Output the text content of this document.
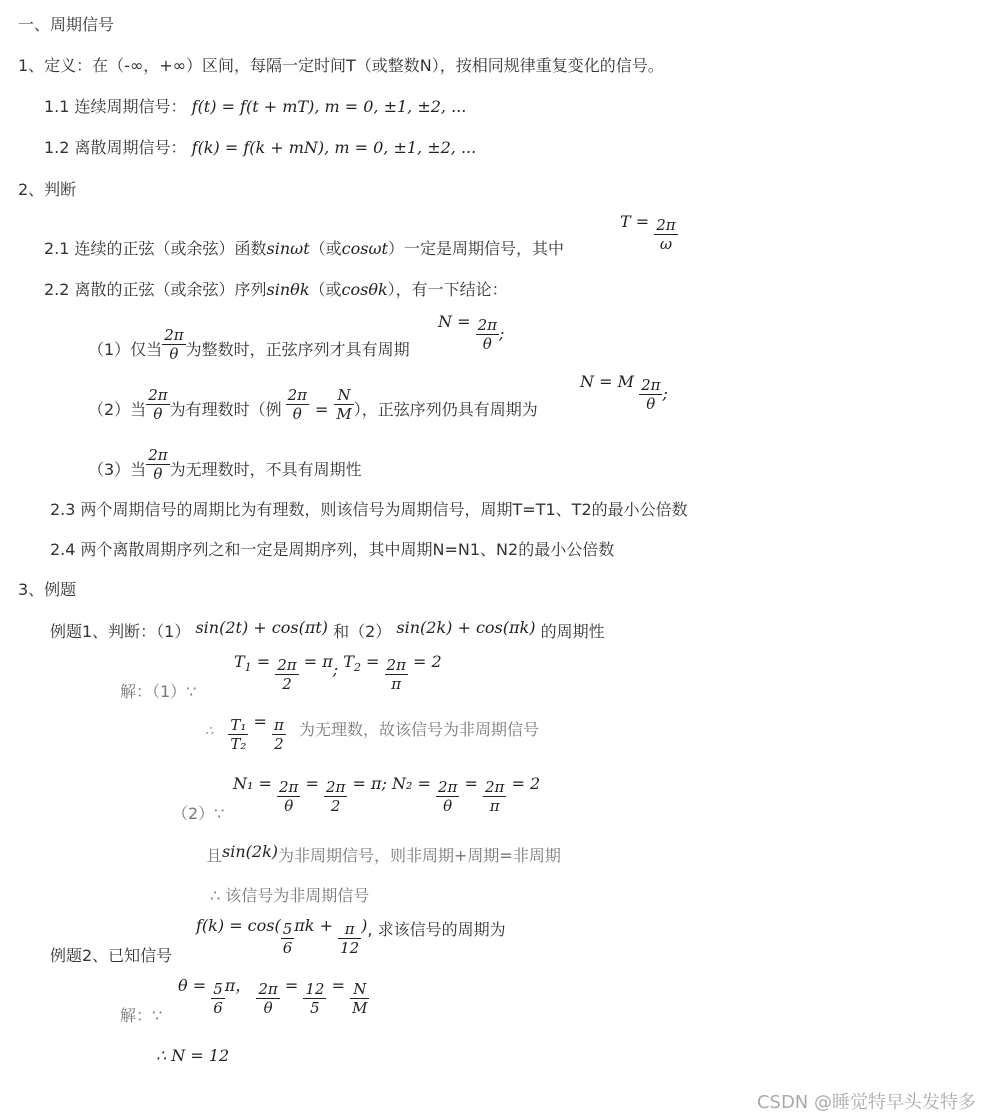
一、周期信号
1、定义：在（-∞，+∞）区间，每隔一定时间T（或整数N），按相同规律重复变化的信号。
1.1 连续周期信号： f(t) = f(t + mT), m = 0, ±1, ±2, ...
1.2 离散周期信号： f(k) = f(k + mN), m = 0, ±1, ±2, ...
2、判断
2.1 连续的正弦（或余弦）函数sinωt（或cosωt）一定是周期信号，其中
$T = \frac{2\pi}{\omega}$
2.2 离散的正弦（或余弦）序列sinθk（或cosθk），有一下结论：
（1）仅当 $\frac{2\pi}{\theta}$ 为整数时，正弦序列才具有周期
$N = \frac{2\pi}{\theta}$ ;
（2）当 $\frac{2\pi}{\theta}$ 为有理数时（例 $\frac{2\pi}{\theta} = \frac{N}{M}$ ），正弦序列仍具有周期为
N = M $\frac{2\pi}{\theta}$ ;
（3）当 $\frac{2\pi}{\theta}$ 为无理数时，不具有周期性
2.3 两个周期信号的周期比为有理数，则该信号为周期信号，周期T=T1、T2的最小公倍数
2.4 两个离散周期序列之和一定是周期序列，其中周期N=N1、N2的最小公倍数
3、例题
例题1、判断：（1） sin(2t) + cos(πt) 和（2） sin(2k) + cos(πk) 的周期性
解：（1）∵
$T_1 = \frac{2\pi}{2} = \pi$; $T_2 = \frac{2\pi}{\pi} = 2$
$^\therefore \frac{\text{T₁}}{\text{T₂}} = \frac{\pi}{2}$ 为无理数，故该信号为非周期信号
（2）∵
$N_1 = \frac{2\pi}{\theta} = \frac{2\pi}{2} = \pi$; $N_2 = \frac{2\pi}{\theta} = \frac{2\pi}{\pi} = 2$
且sin(2k)为非周期信号，则非周期+周期=非周期
∴ 该信号为非周期信号
例题2、已知信号
$f(k) = \cos( \frac{5}{6}$ $\pi k + \frac{\pi}{12}$ ), 求该信号的周期为
解：∵
$\theta = \frac{5}{6}$ π， $\frac{2\pi}{\theta} = \frac{12}{5} = \frac{N}{M}$
∴ N = 12
CSDN @睡觉特早头发特多
